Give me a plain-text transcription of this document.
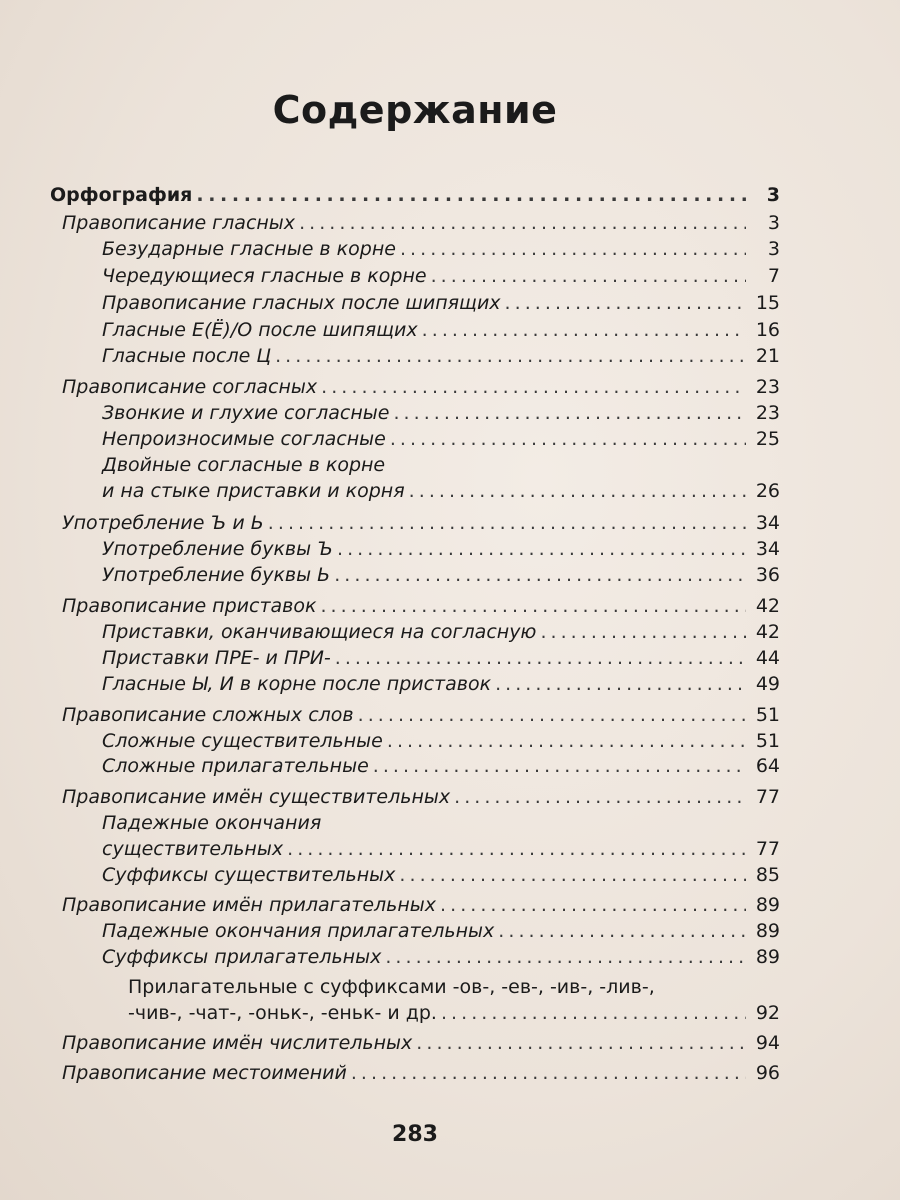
Содержание
Орфография . . .	3
Правописание гласных . . .	3
Безударные гласные в корне . . .	3
Чередующиеся гласные в корне . . .	7
Правописание гласных после шипящих . . .	15
Гласные Е(Ё)/О после шипящих . . .	16
Гласные после Ц . . .	21
Правописание согласных . . .	23
Звонкие и глухие согласные . . .	23
Непроизносимые согласные . . .	25
Двойные согласные в корне
и на стыке приставки и корня . . .	26
Употребление Ъ и Ь . . .	34
Употребление буквы Ъ . . .	34
Употребление буквы Ь . . .	36
Правописание приставок . . .	42
Приставки, оканчивающиеся на согласную . . .	42
Приставки ПРЕ- и ПРИ- . . .	44
Гласные Ы, И в корне после приставок . . .	49
Правописание сложных слов . . .	51
Сложные существительные . . .	51
Сложные прилагательные . . .	64
Правописание имён существительных . . .	77
Падежные окончания
существительных . . .	77
Суффиксы существительных . . .	85
Правописание имён прилагательных . . .	89
Падежные окончания прилагательных . . .	89
Суффиксы прилагательных . . .	89
Прилагательные с суффиксами -ов-, -ев-, -ив-, -лив-,
-чив-, -чат-, -оньк-, -еньк- и др. . . .	92
Правописание имён числительных . . .	94
Правописание местоимений . . .	96
283
